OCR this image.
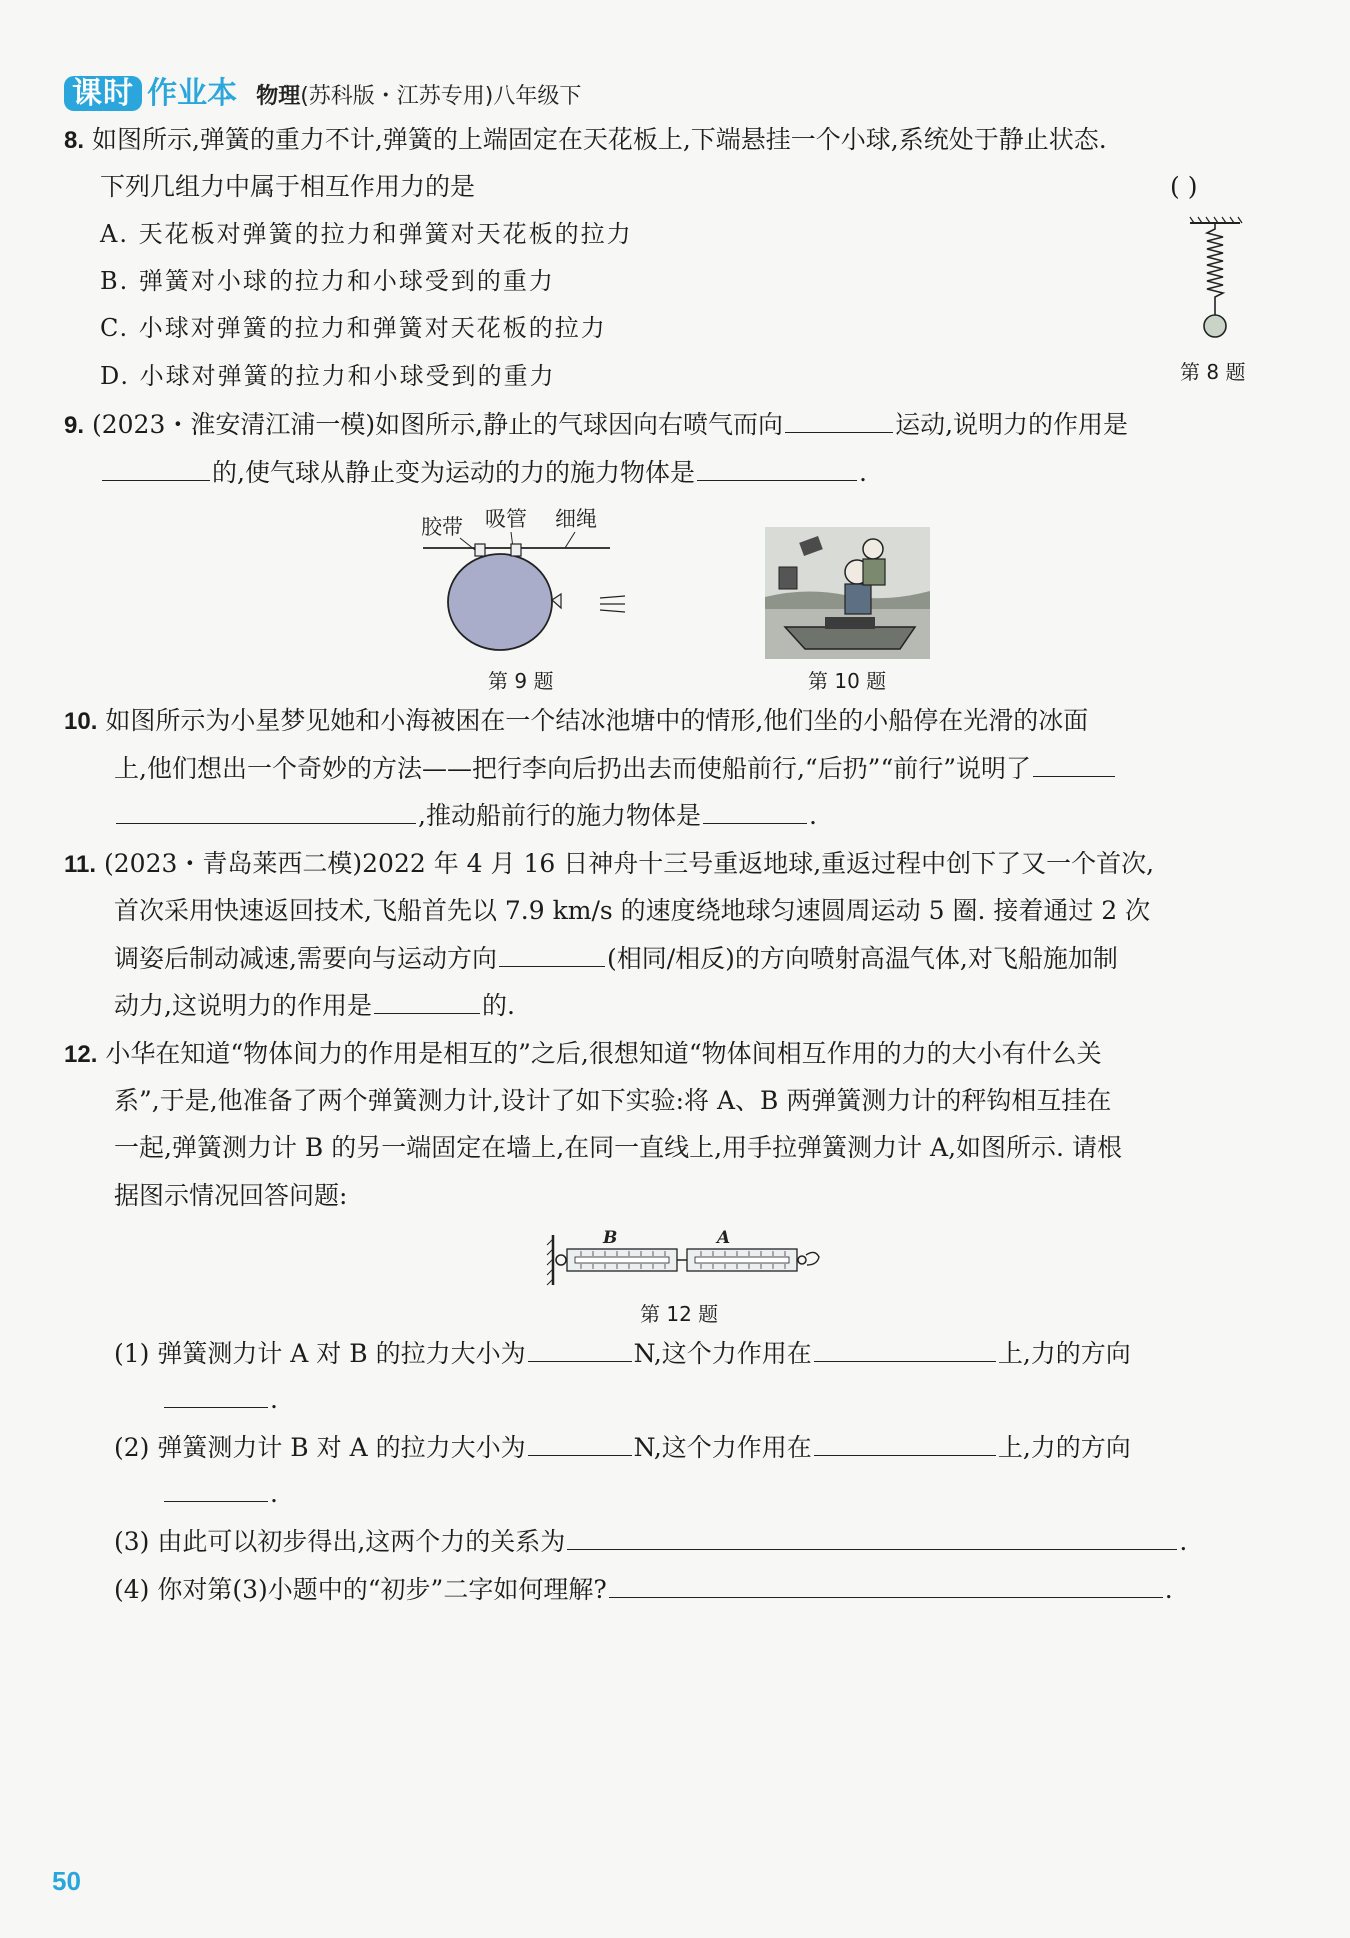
课时 作业本 物理(苏科版・江苏专用)八年级下
8. 如图所示,弹簧的重力不计,弹簧的上端固定在天花板上,下端悬挂一个小球,系统处于静止状态.
下列几组力中属于相互作用力的是	( )
A. 天花板对弹簧的拉力和弹簧对天花板的拉力
B. 弹簧对小球的拉力和小球受到的重力
C. 小球对弹簧的拉力和弹簧对天花板的拉力
D. 小球对弹簧的拉力和小球受到的重力	第 8 题
9. (2023・淮安清江浦一模)如图所示,静止的气球因向右喷气而向	运动,说明力的作用是
的,使气球从静止变为运动的力的施力物体是	.
胶带 吸管 细绳
第 9 题	第 10 题
10. 如图所示为小星梦见她和小海被困在一个结冰池塘中的情形,他们坐的小船停在光滑的冰面
上,他们想出一个奇妙的方法——把行李向后扔出去而使船前行,“后扔”“前行”说明了
,推动船前行的施力物体是	.
11. (2023・青岛莱西二模)2022 年 4 月 16 日神舟十三号重返地球,重返过程中创下了又一个首次,
首次采用快速返回技术,飞船首先以 7.9 km/s 的速度绕地球匀速圆周运动 5 圈. 接着通过 2 次
调姿后制动减速,需要向与运动方向	(相同/相反)的方向喷射高温气体,对飞船施加制
动力,这说明力的作用是	的.
12. 小华在知道“物体间力的作用是相互的”之后,很想知道“物体间相互作用的力的大小有什么关
系”,于是,他准备了两个弹簧测力计,设计了如下实验:将 A、B 两弹簧测力计的秤钩相互挂在
一起,弹簧测力计 B 的另一端固定在墙上,在同一直线上,用手拉弹簧测力计 A,如图所示. 请根
据图示情况回答问题:
B	A
第 12 题
(1) 弹簧测力计 A 对 B 的拉力大小为	N,这个力作用在	上,力的方向
.
(2) 弹簧测力计 B 对 A 的拉力大小为	N,这个力作用在	上,力的方向
.
(3) 由此可以初步得出,这两个力的关系为	.
(4) 你对第(3)小题中的“初步”二字如何理解?	.
50
